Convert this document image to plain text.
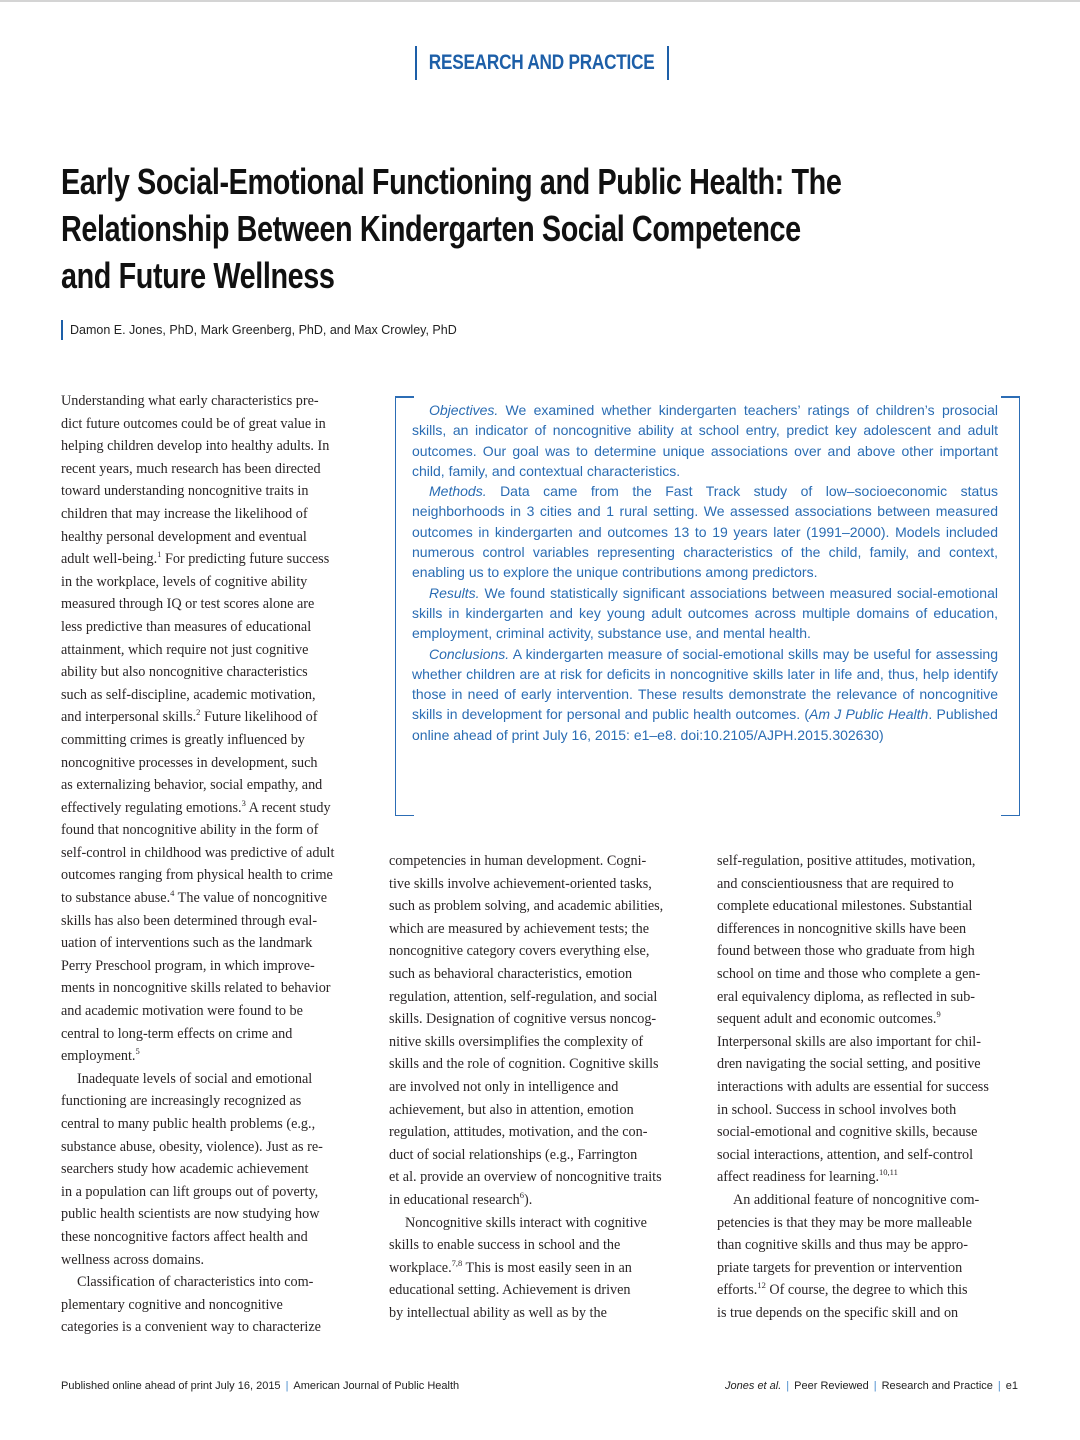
RESEARCH AND PRACTICE
Early Social-Emotional Functioning and Public Health: The
Relationship Between Kindergarten Social Competence
and Future Wellness
Damon E. Jones, PhD, Mark Greenberg, PhD, and Max Crowley, PhD

Objectives. We examined whether kindergarten teachers’ ratings of children’s prosocial skills, an indicator of noncognitive ability at school entry, predict key adolescent and adult outcomes. Our goal was to determine unique associations over and above other important child, family, and contextual characteristics.

Methods. Data came from the Fast Track study of low–socioeconomic status neighborhoods in 3 cities and 1 rural setting. We assessed associations between measured outcomes in kindergarten and outcomes 13 to 19 years later (1991–2000). Models included numerous control variables representing characteristics of the child, family, and context, enabling us to explore the unique contributions among predictors.

Results. We found statistically significant associations between measured social-emotional skills in kindergarten and key young adult outcomes across multiple domains of education, employment, criminal activity, substance use, and mental health.

Conclusions. A kindergarten measure of social-emotional skills may be useful for assessing whether children are at risk for deficits in noncognitive skills later in life and, thus, help identify those in need of early intervention. These results demonstrate the relevance of noncognitive skills in development for personal and public health outcomes. (Am J Public Health. Published online ahead of print July 16, 2015: e1–e8. doi:10.2105/AJPH.2015.302630)

Understanding what early characteristics pre-
dict future outcomes could be of great value in
helping children develop into healthy adults. In
recent years, much research has been directed
toward understanding noncognitive traits in
children that may increase the likelihood of
healthy personal development and eventual
adult well-being.$^1$ For predicting future success
in the workplace, levels of cognitive ability
measured through IQ or test scores alone are
less predictive than measures of educational
attainment, which require not just cognitive
ability but also noncognitive characteristics
such as self-discipline, academic motivation,
and interpersonal skills.$^2$ Future likelihood of
committing crimes is greatly influenced by
noncognitive processes in development, such
as externalizing behavior, social empathy, and
effectively regulating emotions.$^3$ A recent study
found that noncognitive ability in the form of
self-control in childhood was predictive of adult
outcomes ranging from physical health to crime
to substance abuse.$^4$ The value of noncognitive
skills has also been determined through eval-
uation of interventions such as the landmark
Perry Preschool program, in which improve-
ments in noncognitive skills related to behavior
and academic motivation were found to be
central to long-term effects on crime and
employment.$^5$
Inadequate levels of social and emotional
functioning are increasingly recognized as
central to many public health problems (e.g.,
substance abuse, obesity, violence). Just as re-
searchers study how academic achievement
in a population can lift groups out of poverty,
public health scientists are now studying how
these noncognitive factors affect health and
wellness across domains.
Classification of characteristics into com-
plementary cognitive and noncognitive
categories is a convenient way to characterize
competencies in human development. Cogni-
tive skills involve achievement-oriented tasks,
such as problem solving, and academic abilities,
which are measured by achievement tests; the
noncognitive category covers everything else,
such as behavioral characteristics, emotion
regulation, attention, self-regulation, and social
skills. Designation of cognitive versus noncog-
nitive skills oversimplifies the complexity of
skills and the role of cognition. Cognitive skills
are involved not only in intelligence and
achievement, but also in attention, emotion
regulation, attitudes, motivation, and the con-
duct of social relationships (e.g., Farrington
et al. provide an overview of noncognitive traits
in educational research$^6$).
Noncognitive skills interact with cognitive
skills to enable success in school and the
workplace.$^{7,8}$ This is most easily seen in an
educational setting. Achievement is driven
by intellectual ability as well as by the
self-regulation, positive attitudes, motivation,
and conscientiousness that are required to
complete educational milestones. Substantial
differences in noncognitive skills have been
found between those who graduate from high
school on time and those who complete a gen-
eral equivalency diploma, as reflected in sub-
sequent adult and economic outcomes.$^9$
Interpersonal skills are also important for chil-
dren navigating the social setting, and positive
interactions with adults are essential for success
in school. Success in school involves both
social-emotional and cognitive skills, because
social interactions, attention, and self-control
affect readiness for learning.$^{10,11}$
An additional feature of noncognitive com-
petencies is that they may be more malleable
than cognitive skills and thus may be appro-
priate targets for prevention or intervention
efforts.$^{12}$ Of course, the degree to which this
is true depends on the specific skill and on
Published online ahead of print July 16, 2015 | American Journal of Public Health	Jones et al. | Peer Reviewed | Research and Practice | e1
